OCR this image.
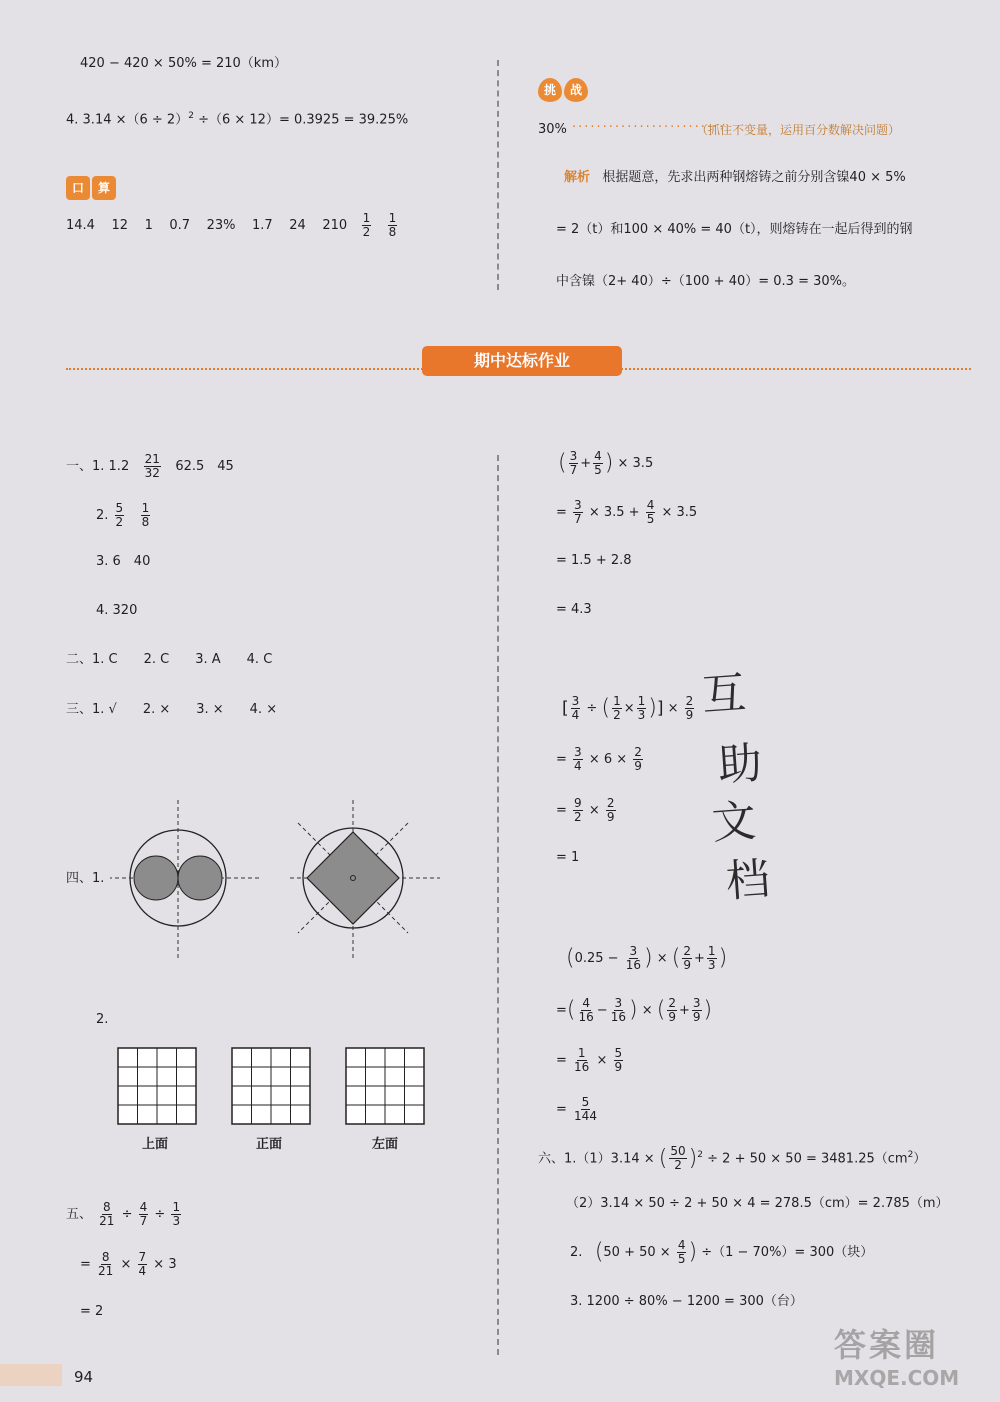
420 − 420 × 50% = 210（km）
4. $3.14 \times(6 \div 2)^2 \div(6 \times 12)= 0.3925 = 39.25\%$
口	算
14.4 12 1 0.7 23% 1.7 24 $210 \frac{1}{2}$
$\frac{1}{8}$
挑	战
30% ·························
（抓住不变量，运用百分数解决问题）
解析 根据题意，先求出两种钢熔铸之前分别含镍40 × 5%
= 2（t）和100 × 40% = 40（t），则熔铸在一起后得到的钢
中含镍（2+ 40）÷（100 + 40）= 0.3 = 30%。
期中达标作业
一、1. $1.2 \frac{21}{32} 62.5$　45
2. $\frac{5}{2}$
$\frac{1}{8}$
3. 6　40
4. 320
二、1. C　　2. C　　3. A　　4. C
三、1. √　　2. ×　　3. ×　　4. ×
四、1.
2.
上面	正面	左面
五、 $\frac{8}{21} \div \frac{4}{7} \div \frac{1}{3}$
= $\frac{8}{21} \times \frac{7}{4} \times 3$
= 2
( $\frac{3}{7} + \frac{4}{5}$ ) × 3.5
= $\frac{3}{7} \times 3.5 + \frac{4}{5} \times 3.5$
= 1.5 + 2.8
= 4.3
[ $\frac{3}{4}$ ÷ ( $\frac{1}{2} \times \frac{1}{3}$ )] × $\frac{2}{9}$
= $\frac{3}{4} \times 6 \times \frac{2}{9}$
= $\frac{9}{2} \times \frac{2}{9}$
= 1
($0.25 - \frac{3}{16}$ ) × ( $\frac{2}{9} + \frac{1}{3}$ )
=( $\frac{4}{16} - \frac{3}{16}$ ) × ( $\frac{2}{9} + \frac{3}{9}$ )
= $\frac{1}{16} \times \frac{5}{9}$
= $\frac{5}{144}$
六、1.（1）3.14 × ( $\frac{50}{2} )^2 \div 2 + 50 \times 50 = 3481.25(cm^2)$
（2）3.14 × 50 ÷ 2 + 50 × 4 = 278.5（cm）= 2.785（m）
2. ($50 + 50 \times \frac{4}{5}$ ) ÷（1 − 70%）= 300（块）
3. 1200 ÷ 80% − 1200 = 300（台）
互
助
文
档
94
答案圈
MXQE.COM
